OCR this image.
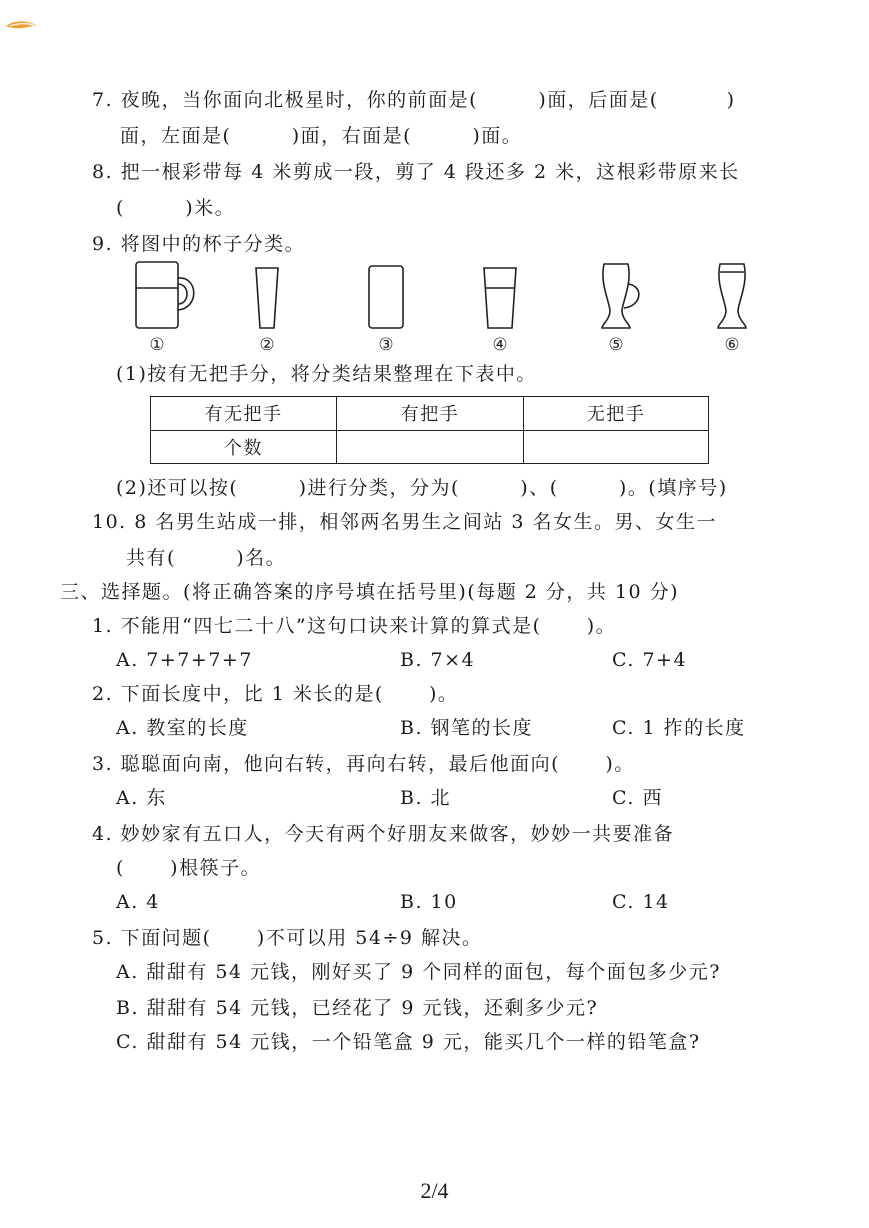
7. 夜晚，当你面向北极星时，你的前面是(        )面，后面是(         )
面，左面是(        )面，右面是(        )面。
8. 把一根彩带每 4 米剪成一段，剪了 4 段还多 2 米，这根彩带原来长
(        )米。
9. 将图中的杯子分类。
①	②	③	④	⑤	⑥
(1)按有无把手分，将分类结果整理在下表中。
有无把手	有把手	无把手
个数		
(2)还可以按(        )进行分类，分为(        )、(        )。(填序号)
10. 8 名男生站成一排，相邻两名男生之间站 3 名女生。男、女生一
共有(        )名。
三、选择题。(将正确答案的序号填在括号里)(每题 2 分，共 10 分)
1. 不能用“四七二十八”这句口诀来计算的算式是(      )。
A. 7+7+7+7	B. 7×4	C. 7+4
2. 下面长度中，比 1 米长的是(      )。
A. 教室的长度	B. 钢笔的长度	C. 1 拃的长度
3. 聪聪面向南，他向右转，再向右转，最后他面向(      )。
A. 东	B. 北	C. 西
4. 妙妙家有五口人，今天有两个好朋友来做客，妙妙一共要准备
(      )根筷子。
A. 4	B. 10	C. 14
5. 下面问题(      )不可以用 54÷9 解决。
A. 甜甜有 54 元钱，刚好买了 9 个同样的面包，每个面包多少元?
B. 甜甜有 54 元钱，已经花了 9 元钱，还剩多少元?
C. 甜甜有 54 元钱，一个铅笔盒 9 元，能买几个一样的铅笔盒?
2/4
